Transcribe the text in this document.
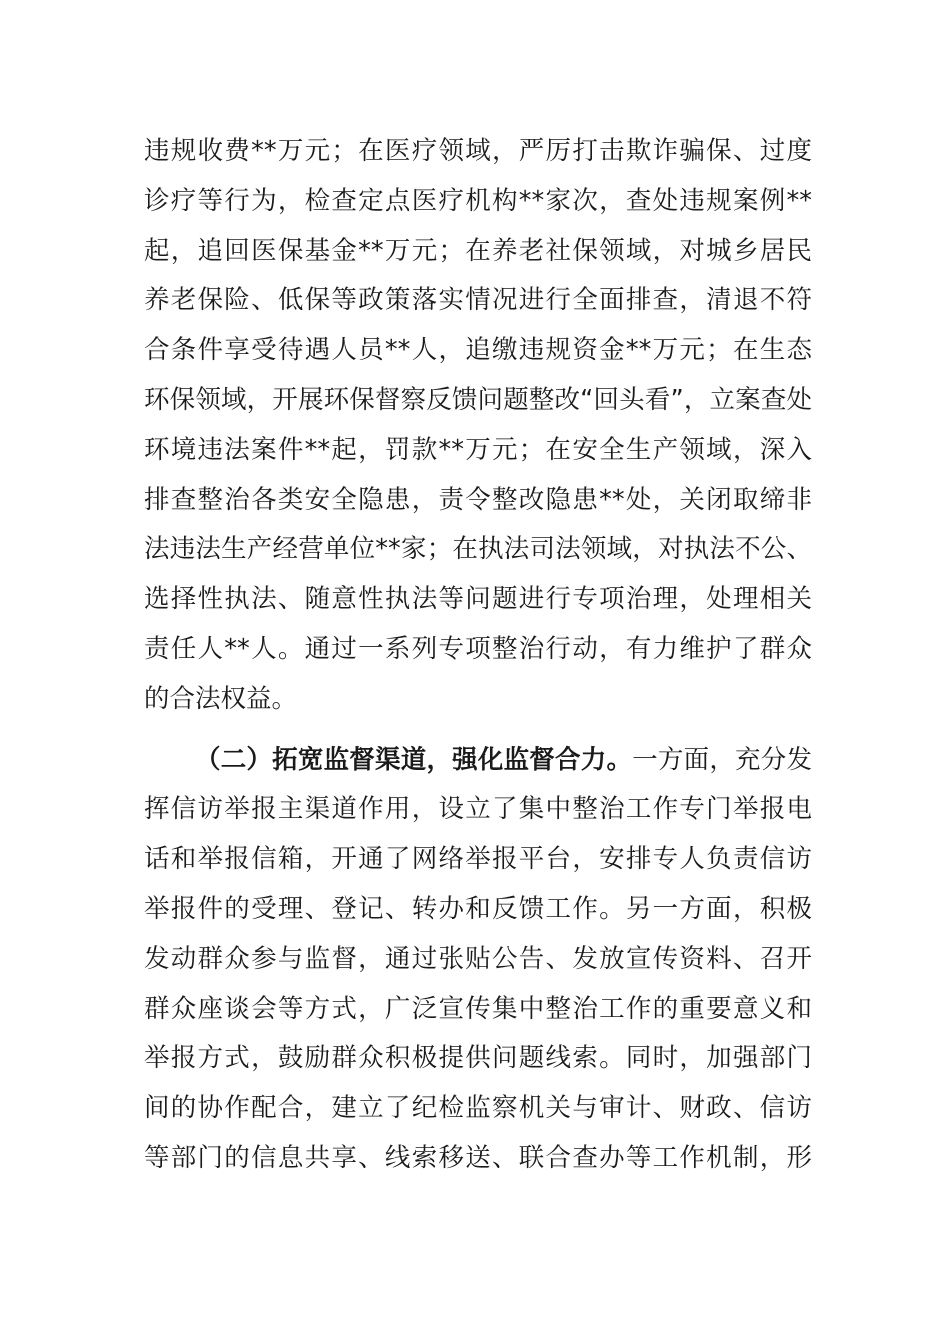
违规收费**万元；在医疗领域，严厉打击欺诈骗保、过度
诊疗等行为，检查定点医疗机构**家次，查处违规案例**
起，追回医保基金**万元；在养老社保领域，对城乡居民
养老保险、低保等政策落实情况进行全面排查，清退不符
合条件享受待遇人员**人，追缴违规资金**万元；在生态
环保领域，开展环保督察反馈问题整改“回头看”，立案查处
环境违法案件**起，罚款**万元；在安全生产领域，深入
排查整治各类安全隐患，责令整改隐患**处，关闭取缔非
法违法生产经营单位**家；在执法司法领域，对执法不公、
选择性执法、随意性执法等问题进行专项治理，处理相关
责任人**人。通过一系列专项整治行动，有力维护了群众
的合法权益。
（二）拓宽监督渠道，强化监督合力。一方面，充分发
挥信访举报主渠道作用，设立了集中整治工作专门举报电
话和举报信箱，开通了网络举报平台，安排专人负责信访
举报件的受理、登记、转办和反馈工作。另一方面，积极
发动群众参与监督，通过张贴公告、发放宣传资料、召开
群众座谈会等方式，广泛宣传集中整治工作的重要意义和
举报方式，鼓励群众积极提供问题线索。同时，加强部门
间的协作配合，建立了纪检监察机关与审计、财政、信访
等部门的信息共享、线索移送、联合查办等工作机制，形
